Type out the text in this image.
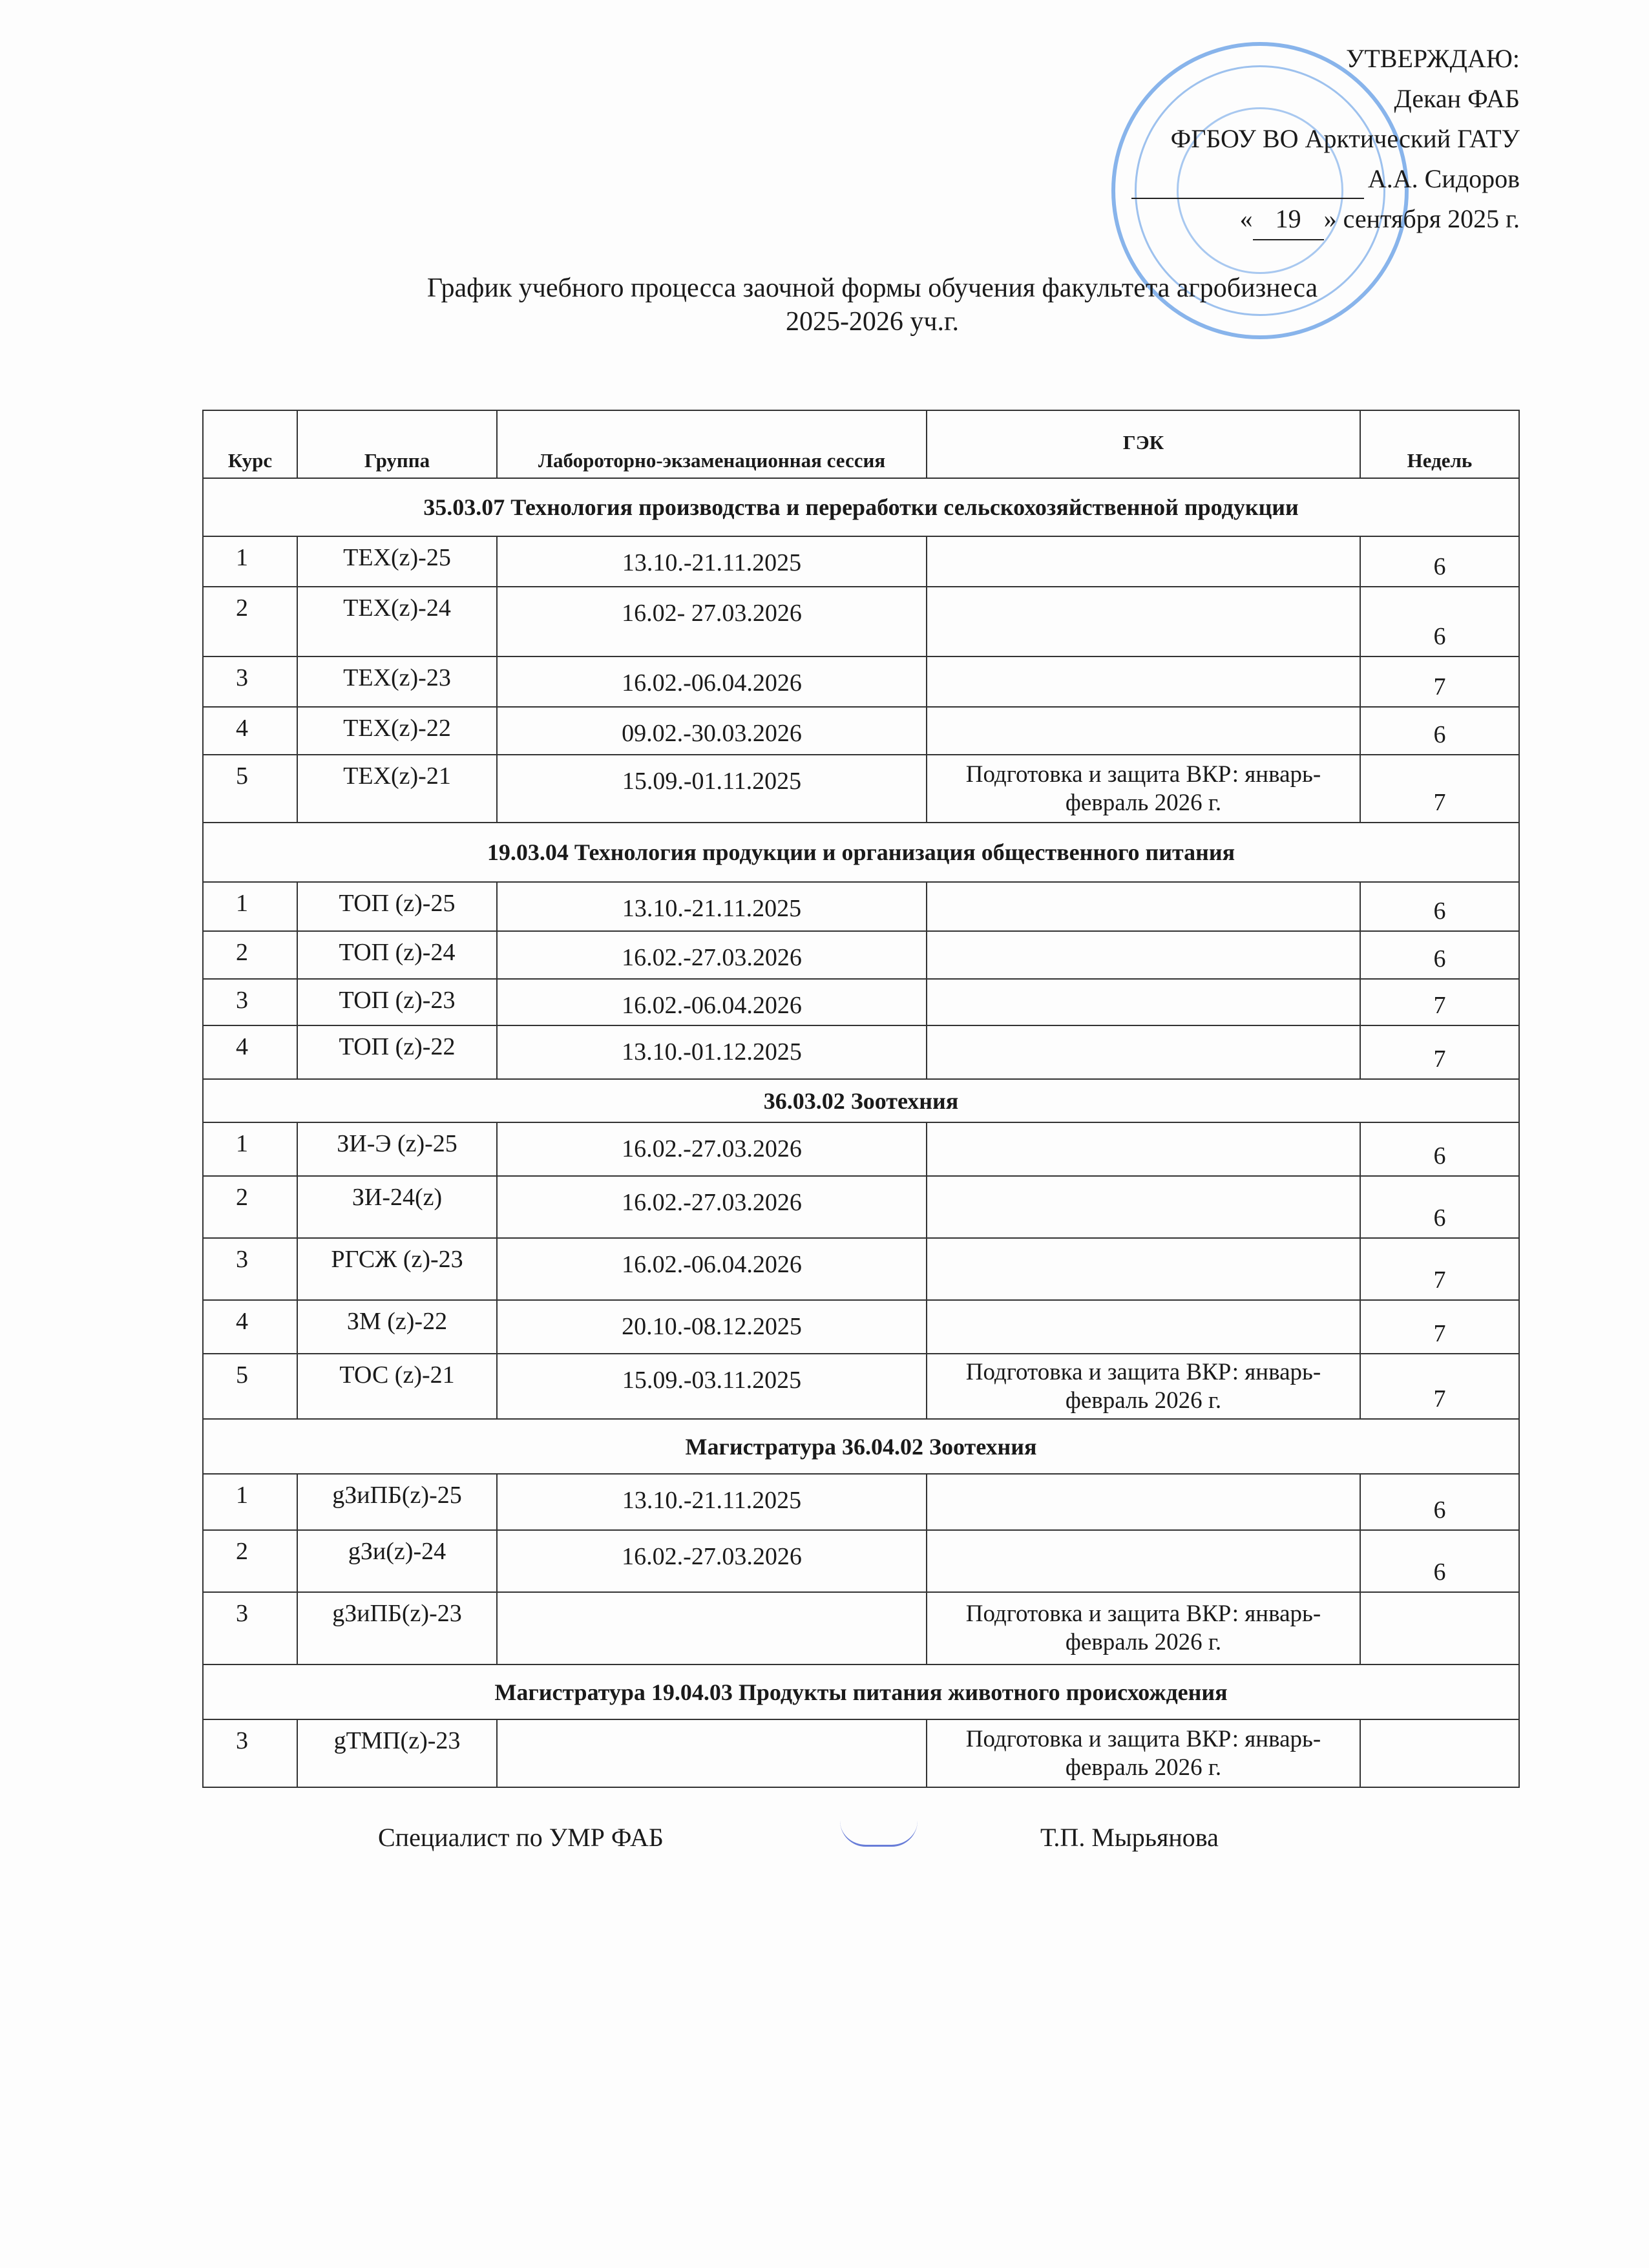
УТВЕРЖДАЮ:
Декан ФАБ
ФГБОУ ВО Арктический ГАТУ
А.А. Сидоров
« 19 » сентября 2025 г.
График учебного процесса заочной формы обучения факультета агробизнеса
2025-2026 уч.г.
Курс	Группа	Лабороторно-экзаменационная сессия	ГЭК	Недель
35.03.07 Технология производства и переработки сельскохозяйственной продукции				
1	ТЕХ(z)-25	13.10.-21.11.2025		6
2	ТЕХ(z)-24	16.02- 27.03.2026		6
3	ТЕХ(z)-23	16.02.-06.04.2026		7
4	ТЕХ(z)-22	09.02.-30.03.2026		6
5	ТЕХ(z)-21	15.09.-01.11.2025	Подготовка и защита ВКР: январь-февраль 2026 г.	7
19.03.04 Технология продукции и организация общественного питания				
1	ТОП (z)-25	13.10.-21.11.2025		6
2	ТОП (z)-24	16.02.-27.03.2026		6
3	ТОП (z)-23	16.02.-06.04.2026		7
4	ТОП (z)-22	13.10.-01.12.2025		7
36.03.02 Зоотехния				
1	ЗИ-Э (z)-25	16.02.-27.03.2026		6
2	ЗИ-24(z)	16.02.-27.03.2026		6
3	РГСЖ (z)-23	16.02.-06.04.2026		7
4	ЗМ (z)-22	20.10.-08.12.2025		7
5	ТОС (z)-21	15.09.-03.11.2025	Подготовка и защита ВКР: январь-февраль 2026 г.	7
Магистратура 36.04.02 Зоотехния				
1	gЗиПБ(z)-25	13.10.-21.11.2025		6
2	gЗи(z)-24	16.02.-27.03.2026		6
3	gЗиПБ(z)-23		Подготовка и защита ВКР: январь-февраль 2026 г.	
Магистратура 19.04.03 Продукты питания животного происхождения				
3	gТМП(z)-23		Подготовка и защита ВКР: январь-февраль 2026 г.	
Специалист по УМР ФАБ	Т.П. Мырьянова
